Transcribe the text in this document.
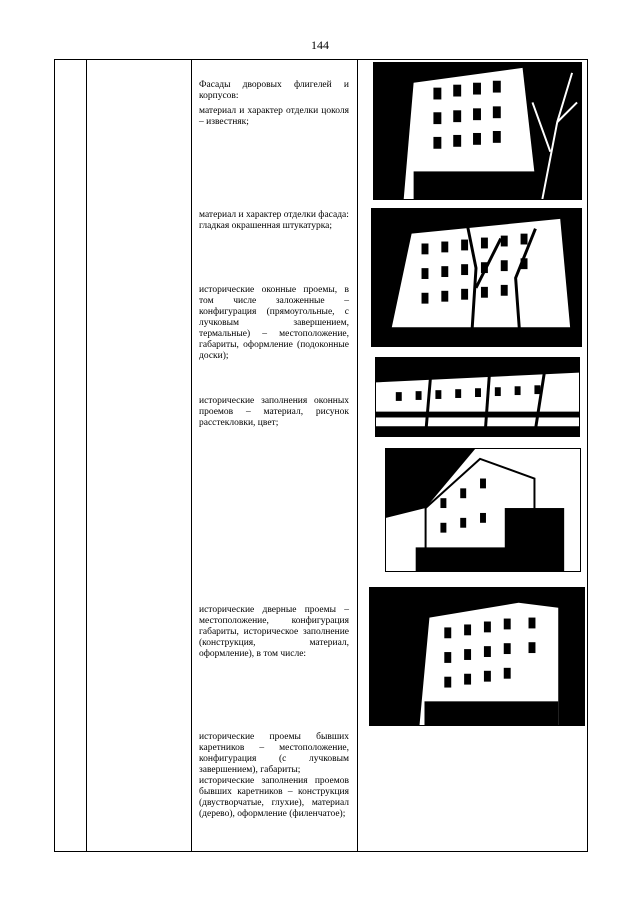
144

Фасады дворовых флигелей и корпусов:

материал и характер отделки цоколя – известняк;

материал и характер отделки фасада:

гладкая окрашенная штукатурка;

исторические оконные проемы, в том числе заложенные – конфигурация (прямоугольные, с лучковым завершением, термальные) – местоположение, габариты, оформление (подоконные доски);

исторические заполнения оконных проемов – материал, рисунок расстекловки, цвет;

исторические дверные проемы – местоположение, конфигурация габариты, историческое заполнение (конструкция, материал, оформление), в том числе:

исторические проемы бывших каретников – местоположение, конфигурация (с лучковым завершением), габариты;

исторические заполнения проемов бывших каретников – конструкция (двустворчатые, глухие), материал (дерево), оформление (филенчатое);
